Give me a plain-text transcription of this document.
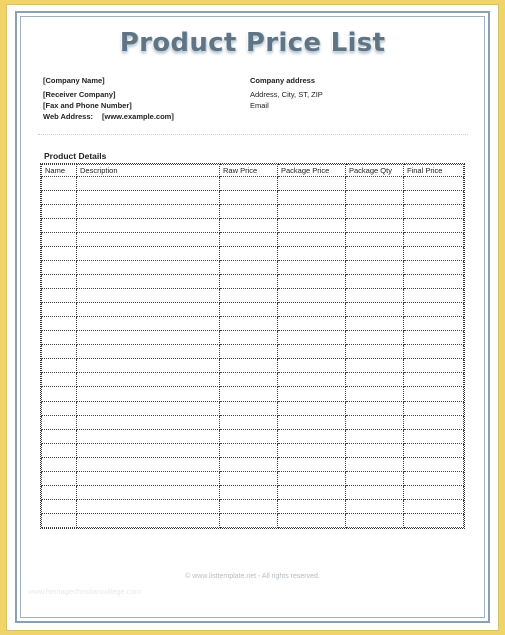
Product Price List
[Company Name]
[Receiver Company]
[Fax and Phone Number]
Web Address: [www.example.com]
Company address
Address, City, ST, ZIP
Email
Product Details
Name	Description	Raw Price	Package Price	Package Qty	Final Price

© www.listtemplate.net - All rights reserved.
www.heritagechristiancollege.com
